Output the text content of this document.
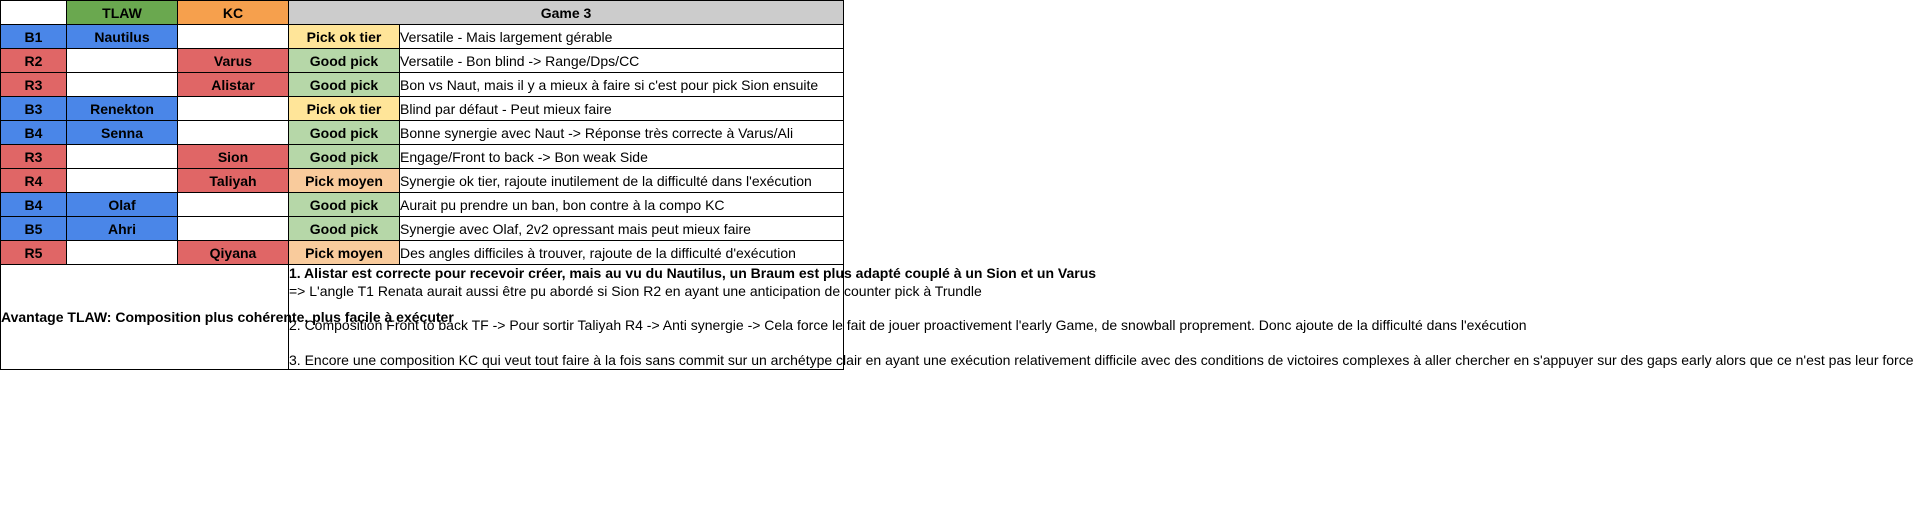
	TLAW	KC	Game 3	
B1	Nautilus		Pick ok tier	Versatile - Mais largement gérable
R2		Varus	Good pick	Versatile - Bon blind -> Range/Dps/CC
R3		Alistar	Good pick	Bon vs Naut, mais il y a mieux à faire si c'est pour pick Sion ensuite
B3	Renekton		Pick ok tier	Blind par défaut - Peut mieux faire
B4	Senna		Good pick	Bonne synergie avec Naut -> Réponse très correcte à Varus/Ali
R3		Sion	Good pick	Engage/Front to back -> Bon weak Side
R4		Taliyah	Pick moyen	Synergie ok tier, rajoute inutilement de la difficulté dans l'exécution
B4	Olaf		Good pick	Aurait pu prendre un ban, bon contre à la compo KC
B5	Ahri		Good pick	Synergie avec Olaf, 2v2 opressant mais peut mieux faire
R5		Qiyana	Pick moyen	Des angles difficiles à trouver, rajoute de la difficulté d'exécution
Avantage TLAW: Composition plus cohérente, plus facile à exécuter			1. Alistar est correcte pour recevoir créer, mais au vu du Nautilus, un Braum est plus adapté couplé à un Sion et un Varus

=> L'angle T1 Renata aurait aussi être pu abordé si Sion R2 en ayant une anticipation de counter pick à Trundle

2. Composition Front to back TF -> Pour sortir Taliyah R4 -> Anti synergie -> Cela force le fait de jouer proactivement l'early Game, de snowball proprement. Donc ajoute de la difficulté dans l'exécution

3. Encore une composition KC qui veut tout faire à la fois sans commit sur un archétype clair en ayant une exécution relativement difficile avec des conditions de victoires complexes à aller chercher en s'appuyer sur des gaps early alors que ce n'est pas leur force	
